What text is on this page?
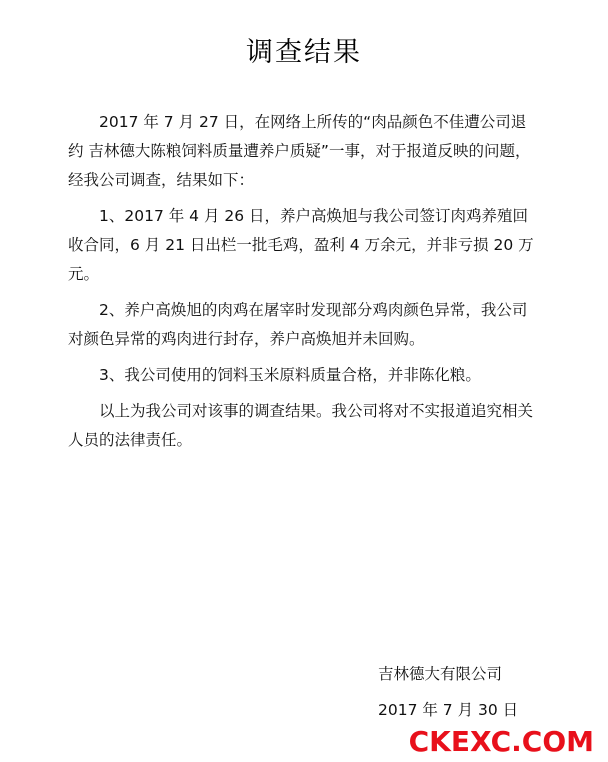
调查结果

2017 年 7 月 27 日，在网络上所传的“肉品颜色不佳遭公司退约 吉林德大陈粮饲料质量遭养户质疑”一事，对于报道反映的问题，经我公司调查，结果如下：

1、2017 年 4 月 26 日，养户高焕旭与我公司签订肉鸡养殖回收合同，6 月 21 日出栏一批毛鸡，盈利 4 万余元，并非亏损 20 万元。

2、养户高焕旭的肉鸡在屠宰时发现部分鸡肉颜色异常，我公司对颜色异常的鸡肉进行封存，养户高焕旭并未回购。

3、我公司使用的饲料玉米原料质量合格，并非陈化粮。

以上为我公司对该事的调查结果。我公司将对不实报道追究相关人员的法律责任。

吉林德大有限公司
2017 年 7 月 30 日
CKEXC.COM
